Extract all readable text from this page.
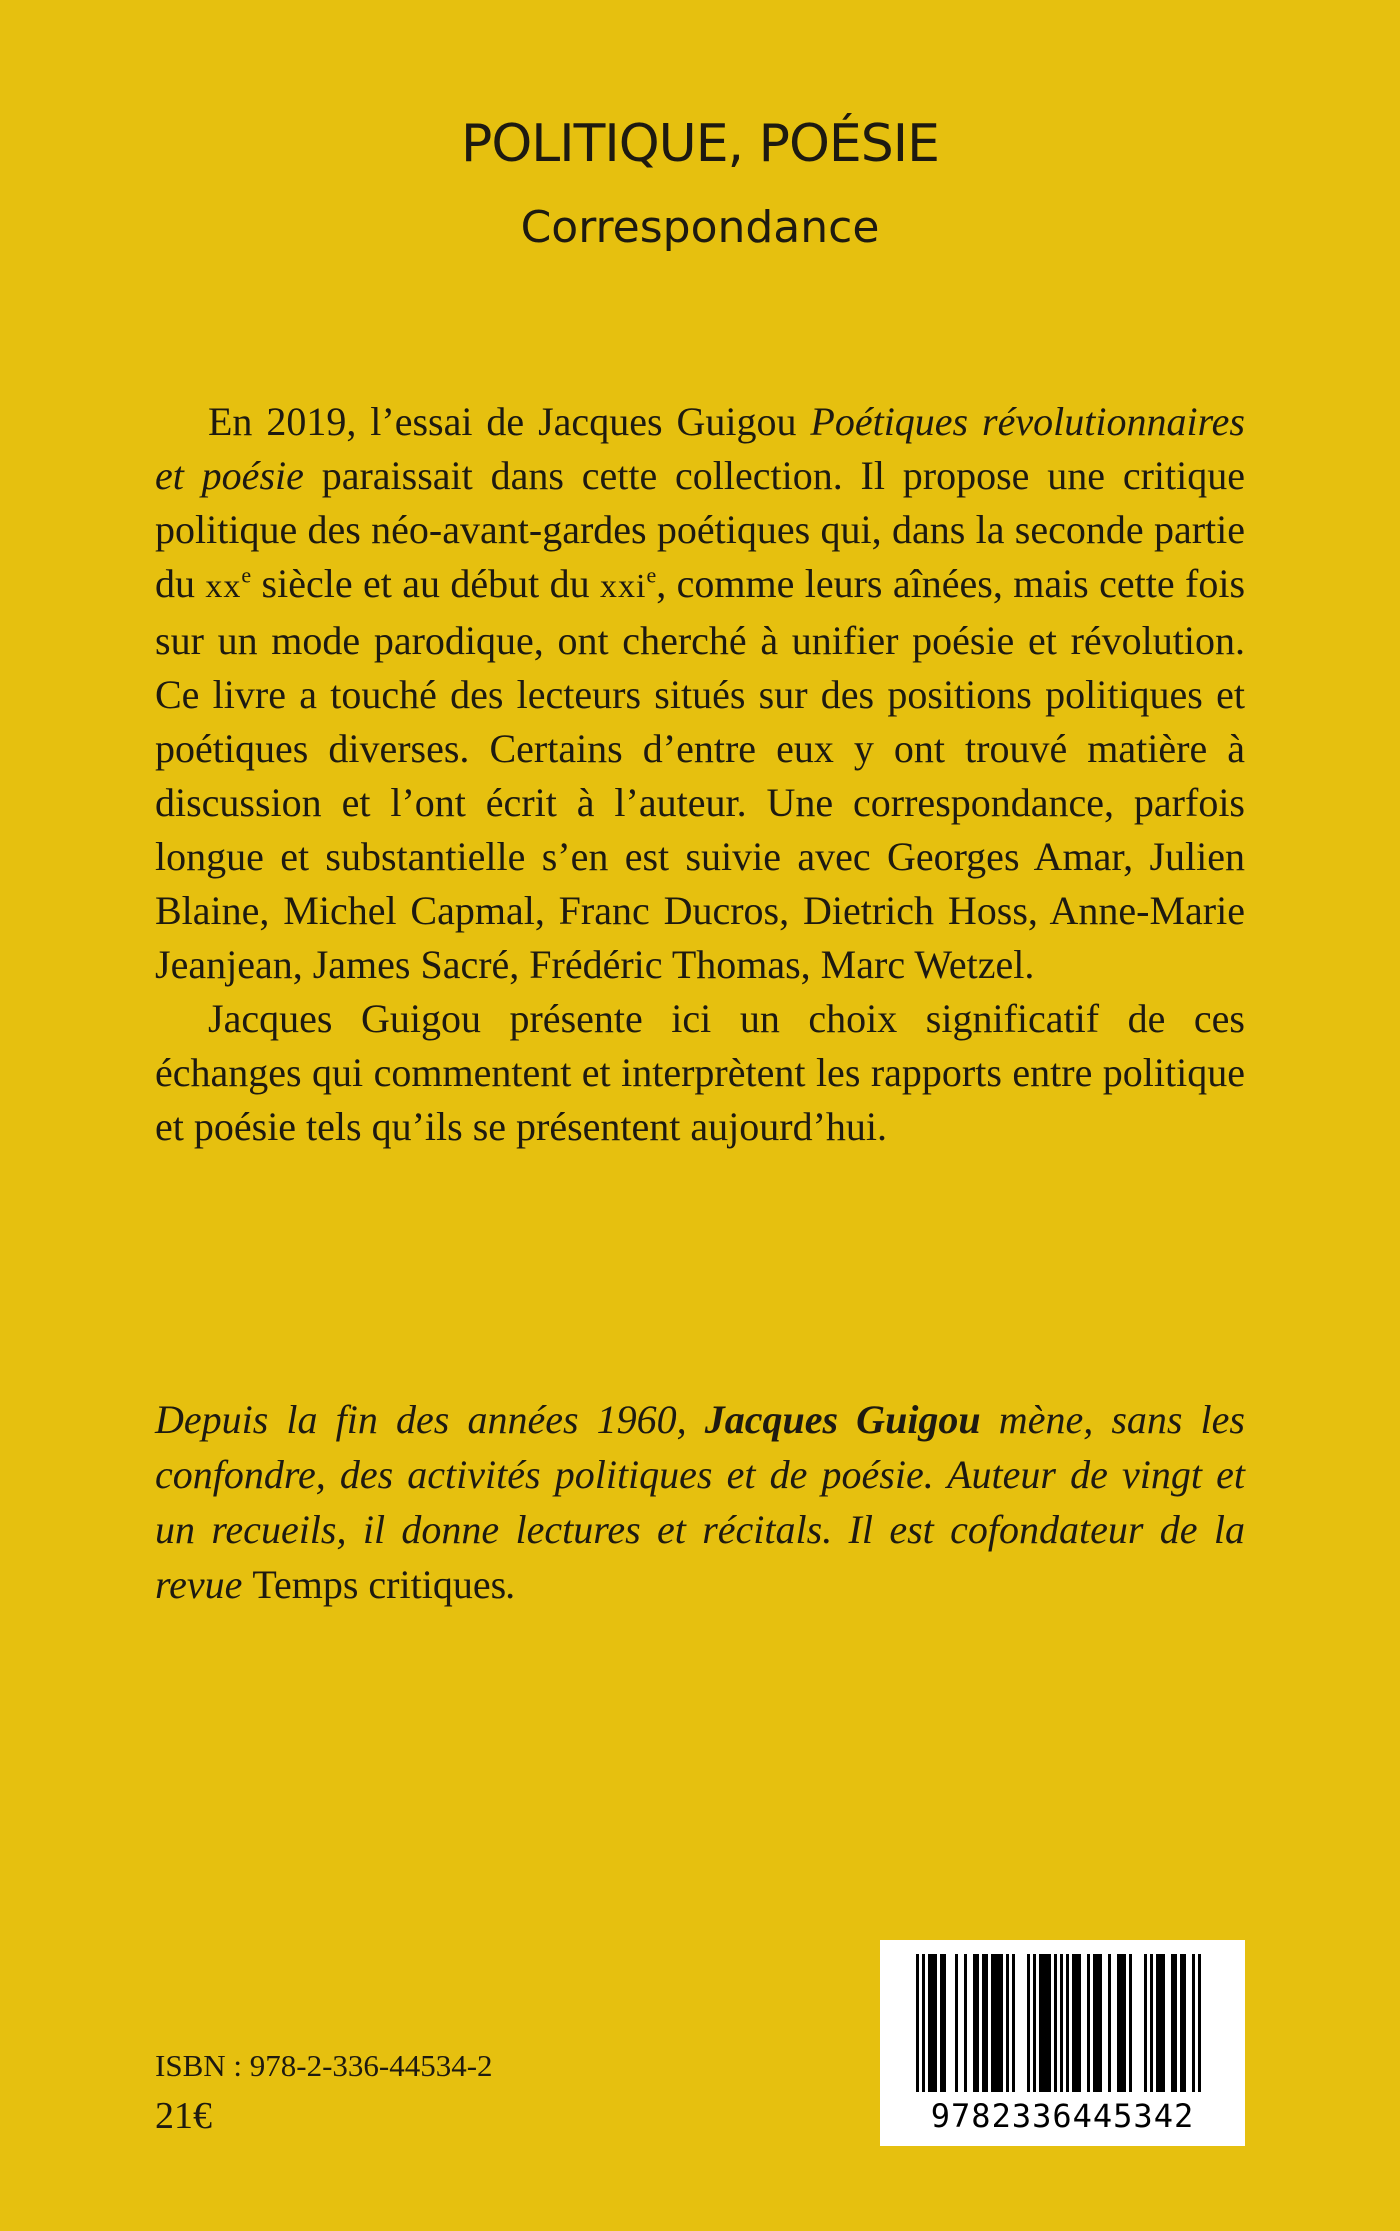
POLITIQUE, POÉSIE
Correspondance

En 2019, l’essai de Jacques Guigou Poétiques révolutionnaires et poésie paraissait dans cette collection. Il propose une critique politique des néo-avant-gardes poétiques qui, dans la seconde partie du $xx^e$ siècle et au début du xxi$^e$, comme leurs aînées, mais cette fois sur un mode parodique, ont cherché à unifier poésie et révolution. Ce livre a touché des lecteurs situés sur des positions politiques et poétiques diverses. Certains d’entre eux y ont trouvé matière à discussion et l’ont écrit à l’auteur. Une correspondance, parfois longue et substantielle s’en est suivie avec Georges Amar, Julien Blaine, Michel Capmal, Franc Ducros, Dietrich Hoss, Anne-Marie Jeanjean, James Sacré, Frédéric Thomas, Marc Wetzel.

Jacques Guigou présente ici un choix significatif de ces échanges qui commentent et interprètent les rapports entre politique et poésie tels qu’ils se présentent aujourd’hui.

Depuis la fin des années 1960, Jacques Guigou mène, sans les confondre, des activités politiques et de poésie. Auteur de vingt et un recueils, il donne lectures et récitals. Il est cofondateur de la revue Temps critiques.
ISBN : 978-2-336-44534-2
21€	9782336445342
